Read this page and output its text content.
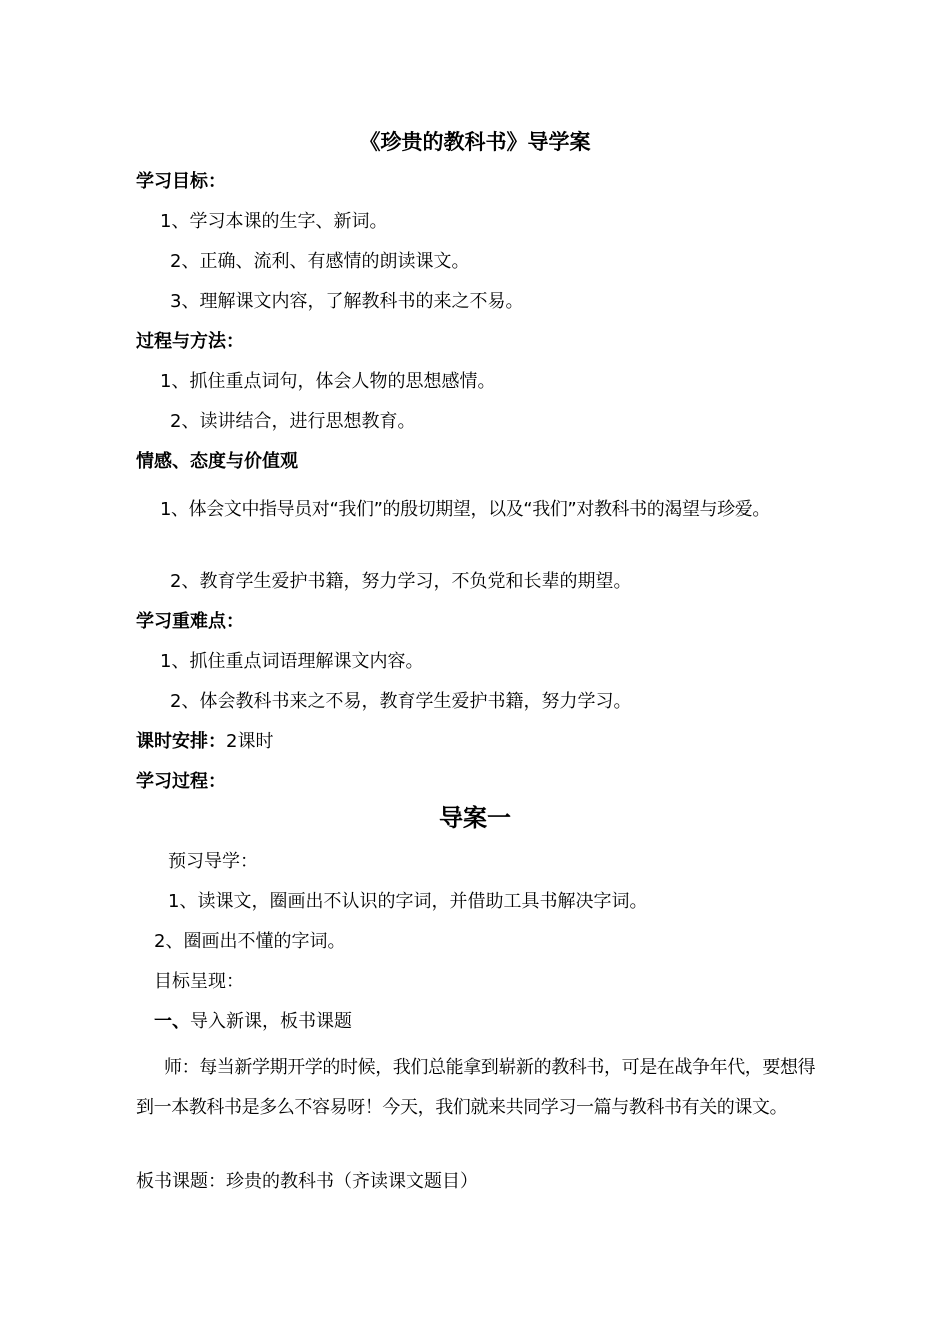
《珍贵的教科书》导学案
学习目标：
1、学习本课的生字、新词。
2、正确、流利、有感情的朗读课文。
3、理解课文内容，了解教科书的来之不易。
过程与方法：
1、抓住重点词句，体会人物的思想感情。
2、读讲结合，进行思想教育。
情感、态度与价值观
1、体会文中指导员对“我们”的殷切期望，以及“我们”对教科书的渴望与珍爱。
2、教育学生爱护书籍，努力学习，不负党和长辈的期望。
学习重难点：
1、抓住重点词语理解课文内容。
2、体会教科书来之不易，教育学生爱护书籍，努力学习。
课时安排：2课时
学习过程：
导案一
预习导学：
1、读课文，圈画出不认识的字词，并借助工具书解决字词。
2、圈画出不懂的字词。
目标呈现：
一、导入新课，板书课题
师：每当新学期开学的时候，我们总能拿到崭新的教科书，可是在战争年代，要想得到一本教科书是多么不容易呀！今天，我们就来共同学习一篇与教科书有关的课文。
板书课题：珍贵的教科书（齐读课文题目）
